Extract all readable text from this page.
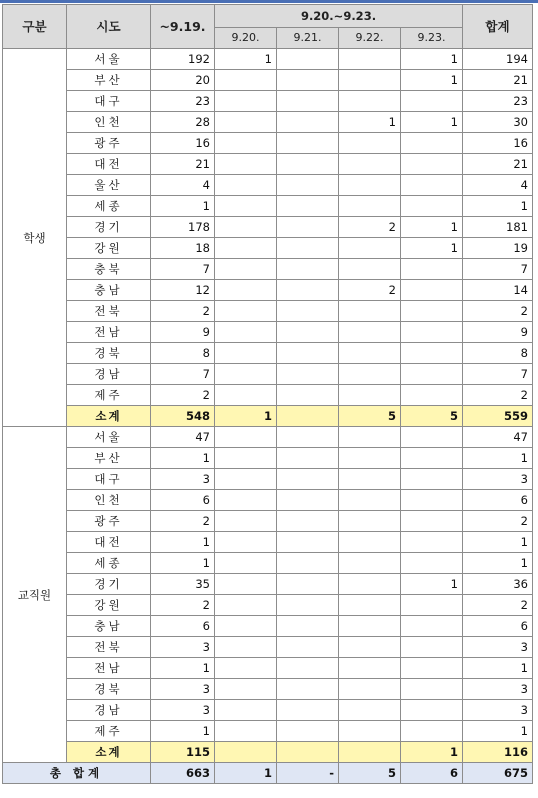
구분	시도	~9.19.	9.20.~9.23.				합계
			9.20.	9.21.	9.22.	9.23.	
학생	서울	192	1			1	194
	부산	20				1	21
	대구	23					23
	인천	28			1	1	30
	광주	16					16
	대전	21					21
	울산	4					4
	세종	1					1
	경기	178			2	1	181
	강원	18				1	19
	충북	7					7
	충남	12			2		14
	전북	2					2
	전남	9					9
	경북	8					8
	경남	7					7
	제주	2					2
	소계	548	1		5	5	559
교직원	서울	47					47
	부산	1					1
	대구	3					3
	인천	6					6
	광주	2					2
	대전	1					1
	세종	1					1
	경기	35				1	36
	강원	2					2
	충남	6					6
	전북	3					3
	전남	1					1
	경북	3					3
	경남	3					3
	제주	1					1
	소계	115				1	116
총 합계		663	1	-	5	6	675
